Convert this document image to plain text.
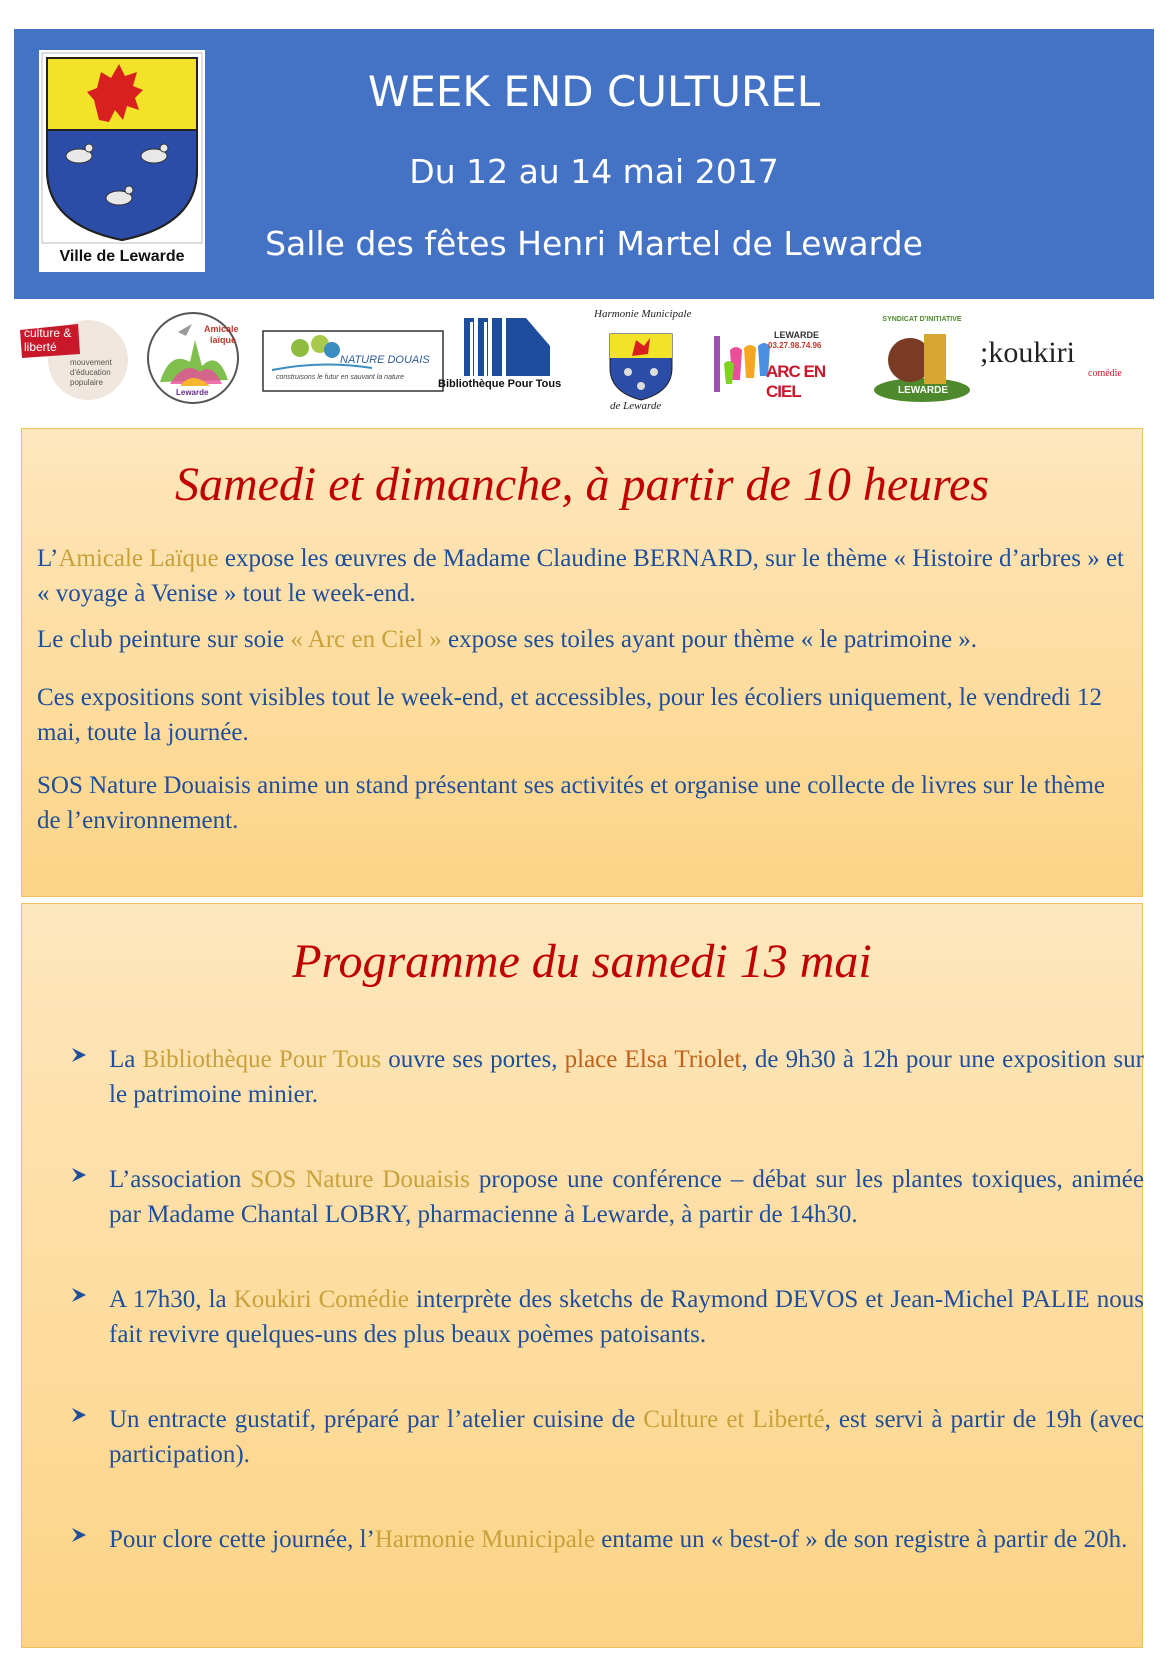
Ville de Lewarde
WEEK END CULTUREL
Du 12 au 14 mai 2017
Salle des fêtes Henri Martel de Lewarde
culture & liberté
mouvement
d'éducation
populaire
Amicale
laïque
Lewarde
NATURE DOUAIS
construisons le futur en sauvant la nature
Bibliothèque Pour Tous
Harmonie Municipale
de Lewarde
LEWARDE
03.27.98.74.96
ARC EN CIEL
SYNDICAT D'INITIATIVE
LEWARDE
;koukiri
comédie
Samedi et dimanche, à partir de 10 heures

L’Amicale Laïque expose les œuvres de Madame Claudine BERNARD, sur le thème « Histoire d’arbres » et « voyage à Venise » tout le week-end.

Le club peinture sur soie « Arc en Ciel » expose ses toiles ayant pour thème « le patrimoine ».

Ces expositions sont visibles tout le week-end, et accessibles, pour les écoliers uniquement, le vendredi 12 mai, toute la journée.

SOS Nature Douaisis anime un stand présentant ses activités et organise une collecte de livres sur le thème de l’environnement.

Programme du samedi 13 mai
La Bibliothèque Pour Tous ouvre ses portes, place Elsa Triolet, de 9h30 à 12h pour une exposition sur le patrimoine minier.
L’association SOS Nature Douaisis propose une conférence – débat sur les plantes toxiques, animée par Madame Chantal LOBRY, pharmacienne à Lewarde, à partir de 14h30.
A 17h30, la Koukiri Comédie interprète des sketchs de Raymond DEVOS et Jean-Michel PALIE nous fait revivre quelques-uns des plus beaux poèmes patoisants.
Un entracte gustatif, préparé par l’atelier cuisine de Culture et Liberté, est servi à partir de 19h (avec participation).
Pour clore cette journée, l’Harmonie Municipale entame un « best-of » de son registre à partir de 20h.
